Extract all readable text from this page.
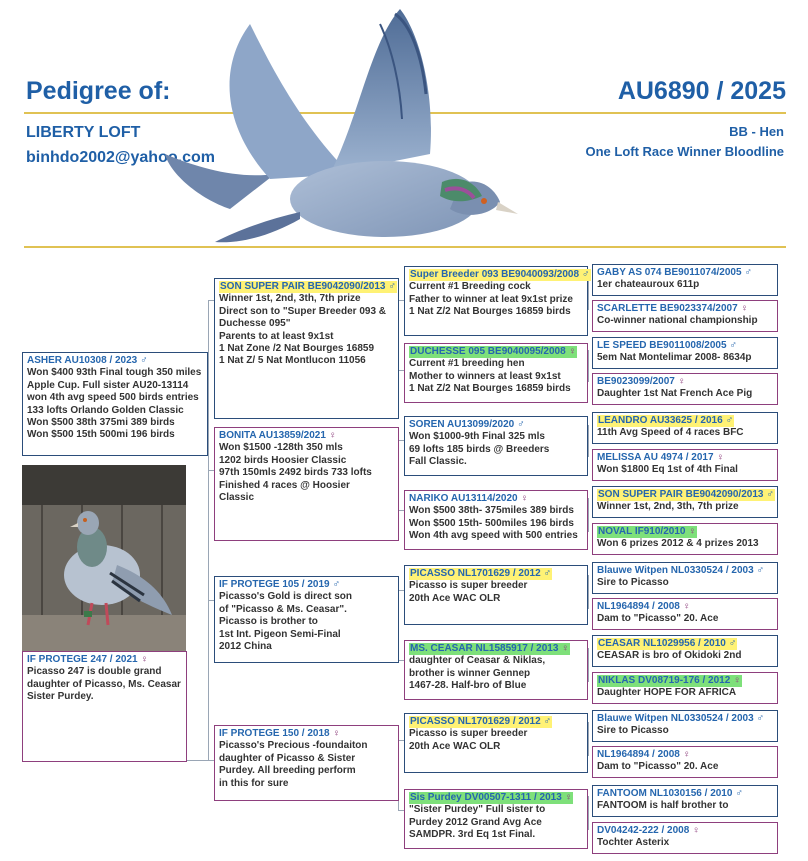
Pedigree of:	AU6890 / 2025
LIBERTY LOFT
binhdo2002@yahoo.com
BB - Hen
One Loft Race Winner Bloodline
ASHER AU10308 / 2023 ♂
Won $400 93th Final tough 350 miles
Apple Cup. Full sister AU20-13114
won 4th avg speed 500 birds entries
133 lofts Orlando Golden Classic
Won $500 38th 375mi 389 birds
Won $500 15th 500mi 196 birds
IF PROTEGE 247 / 2021 ♀
Picasso 247 is double grand
daughter of Picasso, Ms. Ceasar
Sister Purdey.
SON SUPER PAIR BE9042090/2013 ♂
Winner 1st, 2nd, 3th, 7th prize
Direct son to "Super Breeder 093 &
Duchesse 095"
Parents to at least 9x1st
1 Nat Zone /2 Nat Bourges 16859
1 Nat Z/ 5 Nat Montlucon 11056
BONITA AU13859/2021 ♀
Won $1500 -128th 350 mls
1202 birds Hoosier Classic
97th 150mls 2492 birds 733 lofts
Finished 4 races @ Hoosier
Classic
IF PROTEGE 105 / 2019 ♂
Picasso's Gold is direct son
of "Picasso & Ms. Ceasar".
Picasso is brother to
1st Int. Pigeon Semi-Final
2012 China
IF PROTEGE 150 / 2018 ♀
Picasso's Precious -foundaiton
daughter of Picasso & Sister
Purdey. All breeding perform
in this for sure
Super Breeder 093 BE9040093/2008 ♂
Current #1 Breeding cock
Father to winner at leat 9x1st prize
1 Nat Z/2 Nat Bourges 16859 birds
DUCHESSE 095 BE9040095/2008 ♀
Current #1 breeding hen
Mother to winners at least 9x1st
1 Nat Z/2 Nat Bourges 16859 birds
SOREN AU13099/2020 ♂
Won $1000-9th Final 325 mls
69 lofts 185 birds @ Breeders
Fall Classic.
NARIKO AU13114/2020 ♀
Won $500 38th- 375miles 389 birds
Won $500 15th- 500miles 196 birds
Won 4th avg speed with 500 entries
PICASSO NL1701629 / 2012 ♂
Picasso is super breeder
20th Ace WAC OLR
MS. CEASAR NL1585917 / 2013 ♀
daughter of Ceasar & Niklas,
brother is winner Gennep
1467-28. Half-bro of Blue
PICASSO NL1701629 / 2012 ♂
Picasso is super breeder
20th Ace WAC OLR
Sis Purdey DV00507-1311 / 2013 ♀
"Sister Purdey" Full sister to
Purdey 2012 Grand Avg Ace
SAMDPR. 3rd Eq 1st Final.
GABY AS 074 BE9011074/2005 ♂
1er chateauroux 611p
SCARLETTE BE9023374/2007 ♀
Co-winner national championship
LE SPEED BE9011008/2005 ♂
5em Nat Montelimar 2008- 8634p
BE9023099/2007 ♀
Daughter 1st Nat French Ace Pig
LEANDRO AU33625 / 2016 ♂
11th Avg Speed of 4 races BFC
MELISSA AU 4974 / 2017 ♀
Won $1800 Eq 1st of 4th Final
SON SUPER PAIR BE9042090/2013 ♂
Winner 1st, 2nd, 3th, 7th prize
NOVAL IF910/2010 ♀
Won 6 prizes 2012 & 4 prizes 2013
Blauwe Witpen NL0330524 / 2003 ♂
Sire to Picasso
NL1964894 / 2008 ♀
Dam to "Picasso" 20. Ace
CEASAR NL1029956 / 2010 ♂
CEASAR is bro of Okidoki 2nd
NIKLAS DV08719-176 / 2012 ♀
Daughter HOPE FOR AFRICA
Blauwe Witpen NL0330524 / 2003 ♂
Sire to Picasso
NL1964894 / 2008 ♀
Dam to "Picasso" 20. Ace
FANTOOM NL1030156 / 2010 ♂
FANTOOM is half brother to
DV04242-222 / 2008 ♀
Tochter Asterix
